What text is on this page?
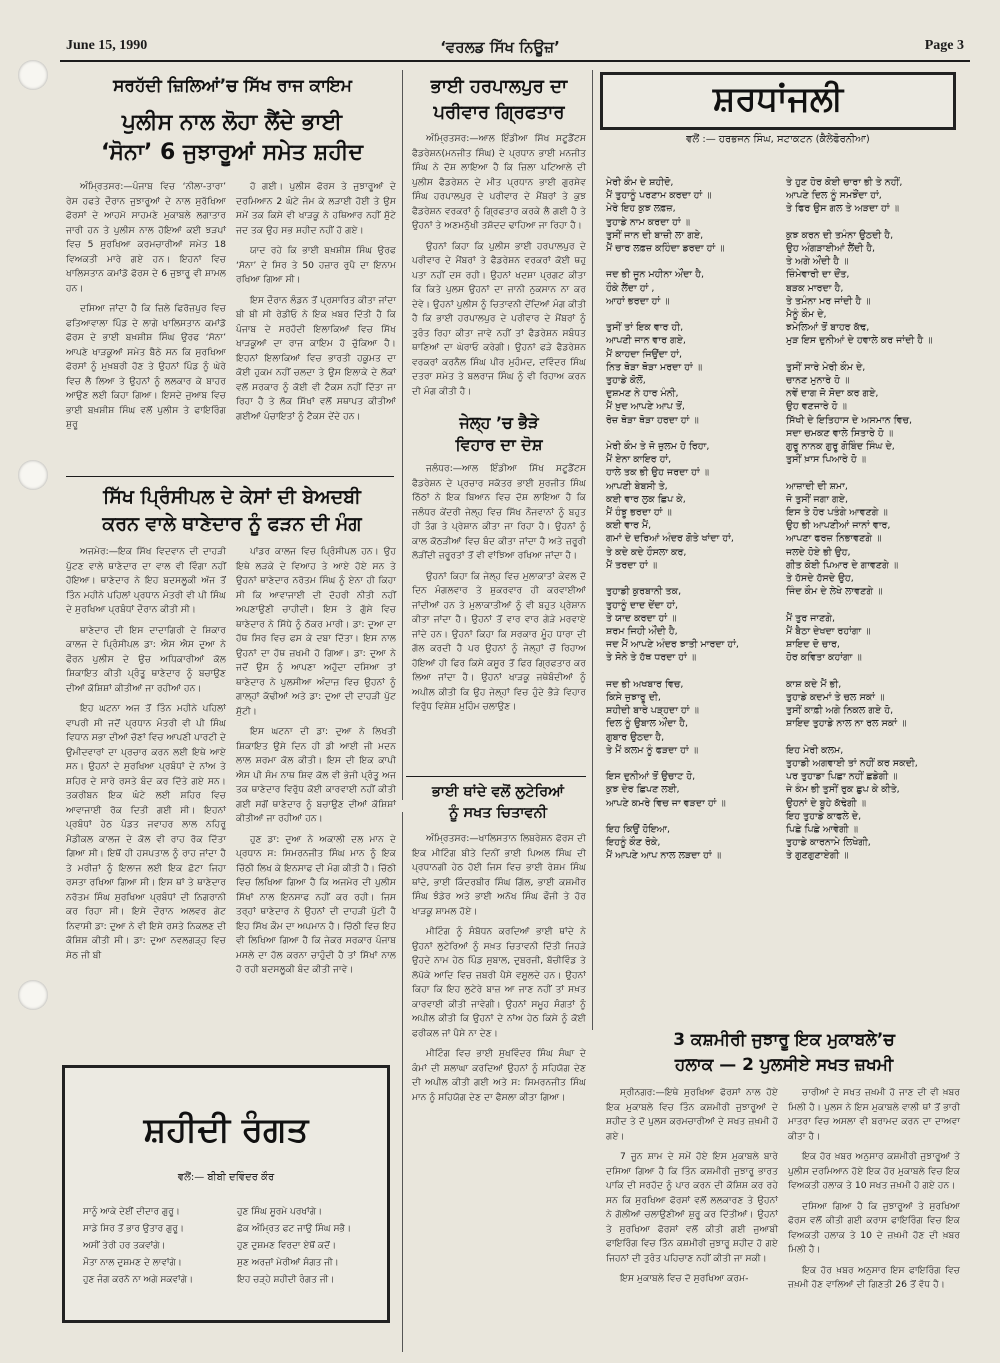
June 15, 1990	‘ਵਰਲਡ ਸਿੱਖ ਨਿਊਜ਼’	Page 3
ਸਰਹੱਦੀ ਜ਼ਿਲਿਆਂ’ਚ ਸਿੱਖ ਰਾਜ ਕਾਇਮ
ਪੁਲੀਸ ਨਾਲ ਲੋਹਾ ਲੈਂਦੇ ਭਾਈ
‘ਸੋਨਾ’ 6 ਜੁਝਾਰੂਆਂ ਸਮੇਤ ਸ਼ਹੀਦ

ਅੰਮ੍ਰਿਤਸਰ:—ਪੰਜਾਬ ਵਿਚ ‘ਨੀਲਾ-ਤਾਰਾ’ ਰੇਸ ਹਫਤੇ ਦੌਰਾਨ ਜੁਝਾਰੂਆਂ ਦੇ ਨਾਲ ਸੁਰੱਖਿਆ ਫੋਰਸਾਂ ਦੇ ਆਹਮੋ ਸਾਹਮਣੇ ਮੁਕਾਬਲੇ ਲਗਾਤਾਰ ਜਾਰੀ ਹਨ ਤੇ ਪੁਲੀਸ ਨਾਲ ਹੋਇਆਂ ਕਈ ਝੜਪਾਂ ਵਿਚ 5 ਸੁਰਖਿਆ ਕਰਮਚਾਰੀਆਂ ਸਮੇਤ 18 ਵਿਅਕਤੀ ਮਾਰੇ ਗਏ ਹਨ। ਇਹਨਾਂ ਵਿਚ ਖਾਲਿਸਤਾਨ ਕਮਾਂਡੋ ਫੋਰਸ ਦੇ 6 ਜੁਝਾਰੂ ਵੀ ਸ਼ਾਮਲ ਹਨ।

ਦਸਿਆ ਜਾਂਦਾ ਹੈ ਕਿ ਜ਼ਿਲੇ ਫਿਰੋਜ਼ਪੁਰ ਵਿਚ ਫਤਿਆਵਾਲਾ ਪਿੰਡ ਦੇ ਲਾਗੇ ਖਾਲਿਸਤਾਨ ਕਮਾਂਡੋ ਫੋਰਸ ਦੇ ਭਾਈ ਬਖ਼ਸ਼ੀਸ਼ ਸਿੰਘ ਉਰਫ ‘ਸੋਨਾ’ ਆਪਣੇ ਖਾੜਕੂਆਂ ਸਮੇਤ ਬੈਠੇ ਸਨ ਕਿ ਸੁਰਖਿਆ ਫੋਰਸਾਂ ਨੂੰ ਮੁਖ਼ਬਰੀ ਹੋਣ ਤੇ ਉਹਨਾਂ ਪਿੰਡ ਨੂੰ ਘੇਰੇ ਵਿਚ ਲੈ ਲਿਆ ਤੇ ਉਹਨਾਂ ਨੂੰ ਲਲਕਾਰ ਕੇ ਬਾਹਰ ਆਉਣ ਲਈ ਕਿਹਾ ਗਿਆ। ਇਸਦੇ ਜੁਆਬ ਵਿਚ ਭਾਈ ਬਖ਼ਸ਼ੀਸ਼ ਸਿੰਘ ਵਲੋਂ ਪੁਲੀਸ ਤੇ ਫਾਇਰਿੰਗ ਸ਼ੁਰੂ

ਹੋ ਗਈ। ਪੁਲੀਸ ਫੋਰਸ ਤੇ ਜੁਝਾਰੂਆਂ ਦੇ ਦਰਮਿਆਨ 2 ਘੰਟੇ ਜੰਮ ਕੇ ਲੜਾਈ ਹੋਈ ਤੇ ਉਸ ਸਮੇਂ ਤਕ ਕਿਸੇ ਵੀ ਖਾੜਕੂ ਨੇ ਹਥਿਆਰ ਨਹੀਂ ਸੁੱਟੇ ਜਦ ਤਕ ਉਹ ਸਭ ਸ਼ਹੀਦ ਨਹੀਂ ਹੋ ਗਏ।

ਯਾਦ ਰਹੇ ਕਿ ਭਾਈ ਬਖ਼ਸ਼ੀਸ਼ ਸਿੰਘ ਉਰਫ ‘ਸੋਨਾ’ ਦੇ ਸਿਰ ਤੇ 50 ਹਜ਼ਾਰ ਰੁਪੈ ਦਾ ਇਨਾਮ ਰਖਿਆ ਗਿਆ ਸੀ।

ਇਸ ਦੌਰਾਨ ਲੰਡਨ ਤੋਂ ਪ੍ਰਸਾਰਿਤ ਕੀਤਾ ਜਾਂਦਾ ਬੀ ਬੀ ਸੀ ਰੇਡੀਓ ਨੇ ਇਕ ਖ਼ਬਰ ਦਿੱਤੀ ਹੈ ਕਿ ਪੰਜਾਬ ਦੇ ਸਰਹੱਦੀ ਇਲਾਕਿਆਂ ਵਿਚ ਸਿੱਖ ਖਾੜਕੂਆਂ ਦਾ ਰਾਜ ਕਾਇਮ ਹੋ ਚੁੱਕਿਆ ਹੈ। ਇਹਨਾਂ ਇਲਾਕਿਆਂ ਵਿਚ ਭਾਰਤੀ ਹਕੂਮਤ ਦਾ ਕੋਈ ਹੁਕਮ ਨਹੀਂ ਚਲਦਾ ਤੇ ਉਸ ਇਲਾਕੇ ਦੇ ਲੋਕਾਂ ਵਲੋਂ ਸਰਕਾਰ ਨੂੰ ਕੋਈ ਵੀ ਟੈਕਸ ਨਹੀਂ ਦਿੱਤਾ ਜਾ ਰਿਹਾ ਹੈ ਤੇ ਲੋਕ ਸਿੱਖਾਂ ਵਲੋਂ ਸਥਾਪਤ ਕੀਤੀਆਂ ਗਈਆਂ ਪੰਚਾਇਤਾਂ ਨੂੰ ਟੈਕਸ ਦੇਂਦੇ ਹਨ।

ਸਿੱਖ ਪ੍ਰਿੰਸੀਪਲ ਦੇ ਕੇਸਾਂ ਦੀ ਬੇਅਦਬੀ
ਕਰਨ ਵਾਲੇ ਥਾਣੇਦਾਰ ਨੂੰ ਫੜਨ ਦੀ ਮੰਗ

ਅਜਮੇਰ:—ਇਕ ਸਿੱਖ ਵਿਦਵਾਨ ਦੀ ਦਾਹੜੀ ਪੁੱਟਣ ਵਾਲੇ ਥਾਣੇਦਾਰ ਦਾ ਵਾਲ ਵੀ ਵਿੰਗਾ ਨਹੀਂ ਹੋਇਆ। ਥਾਣੇਦਾਰ ਨੇ ਇਹ ਬਦਸਲੂਕੀ ਅੱਜ ਤੋਂ ਤਿੰਨ ਮਹੀਨੇ ਪਹਿਲਾਂ ਪ੍ਰਧਾਨ ਮੰਤਰੀ ਵੀ ਪੀ ਸਿੰਘ ਦੇ ਸੁਰਖਿਆ ਪ੍ਰਬੰਧਾਂ ਦੌਰਾਨ ਕੀਤੀ ਸੀ।

ਥਾਣੇਦਾਰ ਦੀ ਇਸ ਦਾਦਾਗਿਰੀ ਦੇ ਸ਼ਿਕਾਰ ਕਾਲਜ ਦੇ ਪ੍ਰਿੰਸੀਪਲ ਡਾ: ਐਸ ਐਸ ਦੁਆ ਨੇ ਫੌਰਨ ਪੁਲੀਸ ਦੇ ਉਚ ਅਧਿਕਾਰੀਆਂ ਕੋਲ ਸ਼ਿਕਾਇਤ ਕੀਤੀ ਪ੍ਰੰਤੂ ਥਾਣੇਦਾਰ ਨੂੰ ਬਚਾਉਣ ਦੀਆਂ ਕੋਸ਼ਿਸ਼ਾਂ ਕੀਤੀਆਂ ਜਾ ਰਹੀਆਂ ਹਨ।

ਇਹ ਘਟਨਾ ਅਜ ਤੋਂ ਤਿੰਨ ਮਹੀਨੇ ਪਹਿਲਾਂ ਵਾਪਰੀ ਸੀ ਜਦੋਂ ਪ੍ਰਧਾਨ ਮੰਤਰੀ ਵੀ ਪੀ ਸਿੰਘ ਵਿਧਾਨ ਸਭਾ ਦੀਆਂ ਚੋਣਾਂ ਵਿਚ ਆਪਣੀ ਪਾਰਟੀ ਦੇ ਉਮੀਦਵਾਰਾਂ ਦਾ ਪ੍ਰਚਾਰ ਕਰਨ ਲਈ ਇਥੇ ਆਏ ਸਨ। ਉਹਨਾਂ ਦੇ ਸੁਰਖਿਆ ਪ੍ਰਬੰਧਾਂ ਦੇ ਨਾਂਅ ਤੇ ਸ਼ਹਿਰ ਦੇ ਸਾਰੇ ਰਸਤੇ ਬੰਦ ਕਰ ਦਿੱਤੇ ਗਏ ਸਨ। ਤਕਰੀਬਨ ਇਕ ਘੰਟੇ ਲਈ ਸ਼ਹਿਰ ਵਿਚ ਆਵਾਜਾਈ ਰੋਕ ਦਿਤੀ ਗਈ ਸੀ। ਇਹਨਾਂ ਪ੍ਰਬੰਧਾਂ ਹੇਠ ਪੰਡਤ ਜਵਾਹਰ ਲਾਲ ਨਹਿਰੂ ਮੈਡੀਕਲ ਕਾਲਜ ਦੇ ਕੋਲ ਵੀ ਰਾਹ ਰੋਕ ਦਿੱਤਾ ਗਿਆ ਸੀ। ਇਥੋਂ ਹੀ ਹਸਪਤਾਲ ਨੂੰ ਰਾਹ ਜਾਂਦਾ ਹੈ ਤੇ ਮਰੀਜ਼ਾਂ ਨੂੰ ਇਲਾਜ ਲਈ ਇਕ ਛੋਟਾ ਜਿਹਾ ਰਸਤਾ ਰਖਿਆ ਗਿਆ ਸੀ। ਇਸ ਥਾਂ ਤੇ ਥਾਣੇਦਾਰ ਨਰੋਤਮ ਸਿੰਘ ਸੁਰਖਿਆ ਪ੍ਰਬੰਧਾਂ ਦੀ ਨਿਗਰਾਨੀ ਕਰ ਰਿਹਾ ਸੀ। ਇਸੇ ਦੌਰਾਨ ਅਲਵਰ ਗੇਟ ਨਿਵਾਸੀ ਡਾ: ਦੁਆ ਨੇ ਵੀ ਇਸੇ ਰਸਤੇ ਨਿਕਲਣ ਦੀ ਕੋਸ਼ਿਸ਼ ਕੀਤੀ ਸੀ। ਡਾ: ਦੁਆ ਨਵਲਗੜ੍ਹ ਵਿਚ ਸੇਠ ਜੀ ਬੀ

ਪਾਂਡਰ ਕਾਲਜ ਵਿਚ ਪ੍ਰਿੰਸੀਪਲ ਹਨ। ਉਹ ਇਥੇ ਲੜਕੇ ਦੇ ਵਿਆਹ ਤੇ ਆਏ ਹੋਏ ਸਨ ਤੇ ਉਹਨਾਂ ਥਾਣੇਦਾਰ ਨਰੋਤਮ ਸਿੰਘ ਨੂੰ ਏਨਾ ਹੀ ਕਿਹਾ ਸੀ ਕਿ ਆਵਾਜਾਈ ਦੀ ਦੋਹਰੀ ਨੀਤੀ ਨਹੀਂ ਅਪਣਾਉਣੀ ਚਾਹੀਦੀ। ਇਸ ਤੇ ਗੁੱਸੇ ਵਿਚ ਥਾਣੇਦਾਰ ਨੇ ਸਿੱਧੇ ਨੂੰ ਠੋਕਰ ਮਾਰੀ। ਡਾ: ਦੁਆ ਦਾ ਹੱਥ ਸਿਰ ਵਿਚ ਫਸ ਕੇ ਦਬਾ ਦਿੱਤਾ। ਇਸ ਨਾਲ ਉਹਨਾਂ ਦਾ ਹੱਥ ਜ਼ਖਮੀ ਹੋ ਗਿਆ। ਡਾ: ਦੁਆ ਨੇ ਜਦੋਂ ਉਸ ਨੂੰ ਆਪਣਾ ਅਹੁੱਦਾ ਦਸਿਆ ਤਾਂ ਥਾਣੇਦਾਰ ਨੇ ਪੁਲਸੀਆ ਅੰਦਾਜ਼ ਵਿਚ ਉਹਨਾਂ ਨੂੰ ਗਾਲ੍ਹਾਂ ਕੱਢੀਆਂ ਅਤੇ ਡਾ: ਦੁਆ ਦੀ ਦਾਹੜੀ ਪੁੱਟ ਸੁੱਟੀ।

ਇਸ ਘਟਨਾ ਦੀ ਡਾ: ਦੁਆ ਨੇ ਲਿਖਤੀ ਸ਼ਿਕਾਇਤ ਉਸੇ ਦਿਨ ਹੀ ਡੀ ਆਈ ਜੀ ਮਦਨ ਲਾਲ ਸ਼ਰਮਾ ਕੋਲ ਕੀਤੀ। ਇਸ ਦੀ ਇਕ ਕਾਪੀ ਐਸ ਪੀ ਸੰਮ ਨਾਥ ਸ਼ਿਵ ਕੋਲ ਵੀ ਭੇਜੀ ਪ੍ਰੰਤੂ ਅਜ ਤਕ ਥਾਣੇਦਾਰ ਵਿਰੁੱਧ ਕੋਈ ਕਾਰਵਾਈ ਨਹੀਂ ਕੀਤੀ ਗਈ ਸਗੋਂ ਥਾਣੇਦਾਰ ਨੂੰ ਬਚਾਉਣ ਦੀਆਂ ਕੋਸ਼ਿਸ਼ਾਂ ਕੀਤੀਆਂ ਜਾ ਰਹੀਆਂ ਹਨ।

ਹੁਣ ਡਾ: ਦੁਆ ਨੇ ਅਕਾਲੀ ਦਲ ਮਾਨ ਦੇ ਪ੍ਰਧਾਨ ਸ: ਸਿਮਰਨਜੀਤ ਸਿੰਘ ਮਾਨ ਨੂੰ ਇਕ ਚਿੱਠੀ ਲਿਖ ਕੇ ਇਨਸਾਫ ਦੀ ਮੰਗ ਕੀਤੀ ਹੈ। ਚਿੱਠੀ ਵਿਚ ਲਿਖਿਆ ਗਿਆ ਹੈ ਕਿ ਅਜਮੇਰ ਦੀ ਪੁਲੀਸ ਸਿੱਖਾਂ ਨਾਲ ਇਨਸਾਫ ਨਹੀਂ ਕਰ ਰਹੀ। ਜਿਸ ਤਰ੍ਹਾਂ ਥਾਣੇਦਾਰ ਨੇ ਉਹਨਾਂ ਦੀ ਦਾਹੜੀ ਪੁੱਟੀ ਹੈ ਇਹ ਸਿੱਖ ਕੌਮ ਦਾ ਅਪਮਾਨ ਹੈ। ਚਿੱਠੀ ਵਿਚ ਇਹ ਵੀ ਲਿਖਿਆ ਗਿਆ ਹੈ ਕਿ ਜੇਕਰ ਸਰਕਾਰ ਪੰਜਾਬ ਮਸਲੇ ਦਾ ਹੱਲ ਕਰਨਾ ਚਾਹੁੰਦੀ ਹੈ ਤਾਂ ਸਿੱਖਾਂ ਨਾਲ ਹੋ ਰਹੀ ਬਦਸਲੂਕੀ ਬੰਦ ਕੀਤੀ ਜਾਵੇ।

ਭਾਈ ਹਰਪਾਲਪੁਰ ਦਾ
ਪਰੀਵਾਰ ਗ੍ਰਿਫਤਾਰ

ਅੰਮ੍ਰਿਤਸਰ:—ਆਲ ਇੰਡੀਆ ਸਿੱਖ ਸਟੂਡੈਂਟਸ ਫੈਡਰੇਸ਼ਨ(ਮਨਜੀਤ ਸਿੰਘ) ਦੇ ਪ੍ਰਧਾਨ ਭਾਈ ਮਨਜੀਤ ਸਿੰਘ ਨੇ ਦੋਸ਼ ਲਾਇਆ ਹੈ ਕਿ ਜ਼ਿਲਾ ਪਟਿਆਲੇ ਦੀ ਪੁਲੀਸ ਫੈਡਰੇਸ਼ਨ ਦੇ ਮੀਤ ਪ੍ਰਧਾਨ ਭਾਈ ਗੁਰਸੇਵ ਸਿੰਘ ਹਰਪਾਲਪੁਰ ਦੇ ਪਰੀਵਾਰ ਦੇ ਮੈਂਬਰਾਂ ਤੇ ਕੁਝ ਫੈਡਰੇਸ਼ਨ ਵਰਕਰਾਂ ਨੂੰ ਗ੍ਰਿਫਤਾਰ ਕਰਕੇ ਲੈ ਗਈ ਹੈ ਤੇ ਉਹਨਾਂ ਤੇ ਅਣਮਨੁੱਖੀ ਤਸ਼ੱਦਦ ਢਾਹਿਆ ਜਾ ਰਿਹਾ ਹੈ।

ਉਹਨਾਂ ਕਿਹਾ ਕਿ ਪੁਲੀਸ ਭਾਈ ਹਰਪਾਲਪੁਰ ਦੇ ਪਰੀਵਾਰ ਦੇ ਮੈਂਬਰਾਂ ਤੇ ਫੈਡਰੇਸ਼ਨ ਵਰਕਰਾਂ ਕੋਈ ਥਹੁ ਪਤਾ ਨਹੀਂ ਦਸ ਰਹੀ। ਉਹਨਾਂ ਖਦਸ਼ਾ ਪ੍ਰਗਟ ਕੀਤਾ ਕਿ ਕਿਤੇ ਪੁਲਸ ਉਹਨਾਂ ਦਾ ਜਾਨੀ ਨੁਕਸਾਨ ਨਾ ਕਰ ਦੇਵੇ। ਉਹਨਾਂ ਪੁਲੀਸ ਨੂੰ ਚਿਤਾਵਨੀ ਦੇਂਦਿਆਂ ਮੰਗ ਕੀਤੀ ਹੈ ਕਿ ਭਾਈ ਹਰਪਾਲਪੁਰ ਦੇ ਪਰੀਵਾਰ ਦੇ ਮੈਂਬਰਾਂ ਨੂੰ ਤੁਰੰਤ ਰਿਹਾ ਕੀਤਾ ਜਾਵੇ ਨਹੀਂ ਤਾਂ ਫੈਡਰੇਸ਼ਨ ਸਬੰਧਤ ਥਾਣਿਆਂ ਦਾ ਘੇਰਾਓ ਕਰੇਗੀ। ਉਹਨਾਂ ਫੜੇ ਫੈਡਰੇਸ਼ਨ ਵਰਕਰਾਂ ਕਰਨੈਲ ਸਿੰਘ ਪੀਰ ਮੁਹੰਮਦ, ਦਵਿੰਦਰ ਸਿੰਘ ਦਤਰਾ ਸਮੇਤ ਤੇ ਬਲਰਾਜ ਸਿੰਘ ਨੂੰ ਵੀ ਰਿਹਾਅ ਕਰਨ ਦੀ ਮੰਗ ਕੀਤੀ ਹੈ।

ਜੇਲ੍ਹ ’ਚ ਭੈੜੇ
ਵਿਹਾਰ ਦਾ ਦੋਸ਼

ਜਲੰਧਰ:—ਆਲ ਇੰਡੀਆ ਸਿੱਖ ਸਟੂਡੈਂਟਸ ਫੈਡਰੇਸ਼ਨ ਦੇ ਪ੍ਰਚਾਰ ਸਕੱਤਰ ਭਾਈ ਸੁਰਜੀਤ ਸਿੰਘ ਠਿੱਠਾਂ ਨੇ ਇਕ ਬਿਆਨ ਵਿਚ ਦੋਸ਼ ਲਾਇਆ ਹੈ ਕਿ ਜਲੰਧਰ ਕੇਂਦਰੀ ਜੇਲ੍ਹ ਵਿਚ ਸਿੱਖ ਨੌਜਵਾਨਾਂ ਨੂੰ ਬਹੁਤ ਹੀ ਤੰਗ ਤੇ ਪ੍ਰੇਸ਼ਾਨ ਕੀਤਾ ਜਾ ਰਿਹਾ ਹੈ। ਉਹਨਾਂ ਨੂੰ ਕਾਲ ਕੋਠੜੀਆਂ ਵਿਚ ਬੰਦ ਕੀਤਾ ਜਾਂਦਾ ਹੈ ਅਤੇ ਜ਼ਰੂਰੀ ਲੋੜੀਂਦੀ ਜ਼ਰੂਰਤਾਂ ਤੋਂ ਵੀ ਵਾਂਝਿਆ ਰਖਿਆ ਜਾਂਦਾ ਹੈ।

ਉਹਨਾਂ ਕਿਹਾ ਕਿ ਜੇਲ੍ਹ ਵਿਚ ਮੁਲਾਕਾਤਾਂ ਕੇਵਲ ਦੋ ਦਿਨ ਮੰਗਲਵਾਰ ਤੇ ਸ਼ੁਕਰਵਾਰ ਹੀ ਕਰਵਾਈਆਂ ਜਾਂਦੀਆਂ ਹਨ ਤੇ ਮੁਲਾਕਾਤੀਆਂ ਨੂੰ ਵੀ ਬਹੁਤ ਪ੍ਰੇਸ਼ਾਨ ਕੀਤਾ ਜਾਂਦਾ ਹੈ। ਉਹਨਾਂ ਤੋਂ ਵਾਰ ਵਾਰ ਗੇੜੇ ਮਰਵਾਏ ਜਾਂਦੇ ਹਨ। ਉਹਨਾਂ ਕਿਹਾ ਕਿ ਸਰਕਾਰ ਮੂੰਹ ਧਾਰਾ ਦੀ ਗੱਲ ਕਰਦੀ ਹੈ ਪਰ ਉਹਨਾਂ ਨੂੰ ਜੇਲ੍ਹਾਂ ਚੋਂ ਰਿਹਾਅ ਹੋਇਆਂ ਹੀ ਫਿਰ ਕਿਸੇ ਕਸੂਰ ਤੋਂ ਫਿਰ ਗ੍ਰਿਫਤਾਰ ਕਰ ਲਿਆ ਜਾਂਦਾ ਹੈ। ਉਹਨਾਂ ਖਾੜਕੂ ਜਥੇਬੰਦੀਆਂ ਨੂੰ ਅਪੀਲ ਕੀਤੀ ਕਿ ਉਹ ਜੇਲ੍ਹਾਂ ਵਿਚ ਹੁੰਦੇ ਭੈੜੇ ਵਿਹਾਰ ਵਿਰੁੱਧ ਵਿਸ਼ੇਸ਼ ਮੁਹਿੰਮ ਚਲਾਉਣ।

ਭਾਈ ਥਾਂਦੇ ਵਲੋਂ ਲੁਟੇਰਿਆਂ
ਨੂੰ ਸਖਤ ਚਿਤਾਵਨੀ

ਅੰਮ੍ਰਿਤਸਰ:—ਖਾਲਿਸਤਾਨ ਲਿਬਰੇਸ਼ਨ ਫੋਰਸ ਦੀ ਇਕ ਮੀਟਿੰਗ ਬੀਤੇ ਦਿਨੀਂ ਭਾਈ ਪਿਅਲ ਸਿੰਘ ਦੀ ਪ੍ਰਧਾਨਗੀ ਹੇਠ ਹੋਈ ਜਿਸ ਵਿਚ ਭਾਈ ਰੇਸ਼ਮ ਸਿੰਘ ਥਾਂਦੇ, ਭਾਈ ਕਿੰਦਰਬੀਰ ਸਿੰਘ ਗਿੱਲ, ਭਾਈ ਕਸ਼ਮੀਰ ਸਿੰਘ ਝੰਡੇਰ ਅਤੇ ਭਾਈ ਅਨੋਖ ਸਿੰਘ ਫੌਜੀ ਤੇ ਹੋਰ ਖਾੜਕੂ ਸ਼ਾਮਲ ਹੋਏ।

ਮੀਟਿੰਗ ਨੂੰ ਸੰਬੋਧਨ ਕਰਦਿਆਂ ਭਾਈ ਥਾਂਦੇ ਨੇ ਉਹਨਾਂ ਲੁਟੇਰਿਆਂ ਨੂੰ ਸਖ਼ਤ ਚਿਤਾਵਨੀ ਦਿੱਤੀ ਜਿਹੜੇ ਉਹਦੇ ਨਾਮ ਹੇਠ ਪਿੰਡ ਸੁਬਾਲ, ਦੁਬਰਜੀ, ਬੱਚੀਵਿੰਡ ਤੇ ਲੋਪੋਕੇ ਆਦਿ ਵਿਚ ਜ਼ਬਰੀ ਪੈਸੇ ਵਸੂਲਦੇ ਹਨ। ਉਹਨਾਂ ਕਿਹਾ ਕਿ ਇਹ ਲੁਟੇਰੇ ਬਾਜ਼ ਆ ਜਾਣ ਨਹੀਂ ਤਾਂ ਸਖ਼ਤ ਕਾਰਵਾਈ ਕੀਤੀ ਜਾਵੇਗੀ। ਉਹਨਾਂ ਸਮੂਹ ਸੰਗਤਾਂ ਨੂੰ ਅਪੀਲ ਕੀਤੀ ਕਿ ਉਹਨਾਂ ਦੇ ਨਾਂਅ ਹੇਠ ਕਿਸੇ ਨੂੰ ਕੋਈ ਫਰੀਕਲ ਜਾਂ ਪੈਸੇ ਨਾ ਦੇਣ।

ਮੀਟਿੰਗ ਵਿਚ ਭਾਈ ਸੁਖਵਿੰਦਰ ਸਿੰਘ ਸੰਘਾ ਦੇ ਕੰਮਾਂ ਦੀ ਸ਼ਲਾਘਾ ਕਰਦਿਆਂ ਉਹਨਾਂ ਨੂੰ ਸਹਿਯੋਗ ਦੇਣ ਦੀ ਅਪੀਲ ਕੀਤੀ ਗਈ ਅਤੇ ਸ: ਸਿਮਰਨਜੀਤ ਸਿੰਘ ਮਾਨ ਨੂੰ ਸਹਿਯੋਗ ਦੇਣ ਦਾ ਫੈਸਲਾ ਕੀਤਾ ਗਿਆ।

ਸ਼ਰਧਾਂਜਲੀ
ਵਲੋਂ :— ਹਰਭਜਨ ਸਿੰਘ, ਸਟਾਕਟਨ (ਕੈਲੇਫੋਰਨੀਆ)
ਮੇਰੀ ਕੌਮ ਦੇ ਸ਼ਹੀਦੋ,
ਮੈਂ ਤੁਹਾਨੂੰ ਪਰਣਾਮ ਕਰਦਾ ਹਾਂ ॥
ਮੇਰੇ ਇਹ ਕੁਝ ਲਫ਼ਜ਼,
ਤੁਹਾਡੇ ਨਾਮ ਕਰਦਾ ਹਾਂ ॥
ਤੁਸੀਂ ਜਾਨ ਦੀ ਬਾਜ਼ੀ ਲਾ ਗਏ,
ਮੈਂ ਚਾਰ ਲਫ਼ਜ਼ ਕਹਿੰਦਾ ਡਰਦਾ ਹਾਂ ॥

ਜਦ ਭੀ ਜੂਨ ਮਹੀਨਾ ਔਂਦਾ ਹੈ,
ਹੌਕੇ ਲੈਂਦਾ ਹਾਂ ,
ਆਹਾਂ ਭਰਦਾ ਹਾਂ ॥

ਤੁਸੀਂ ਤਾਂ ਇਕ ਵਾਰ ਹੀ,
ਆਪਣੀ ਜਾਨ ਵਾਰ ਗਏ,
ਮੈਂ ਕਾਹਦਾ ਜਿਉਂਦਾ ਹਾਂ,
ਨਿਤ ਥੋੜਾ ਥੋੜਾ ਮਰਦਾ ਹਾਂ ॥
ਤੁਹਾਡੇ ਕੋਲੋਂ,
ਦੁਸ਼ਮਣ ਨੇ ਹਾਰ ਮੰਨੀ,
ਮੈਂ ਖ਼ੁਦ ਆਪਣੇ ਆਪ ਤੋਂ,
ਰੋਜ਼ ਥੋੜਾ ਥੋੜਾ ਹਰਦਾ ਹਾਂ ॥

ਮੇਰੀ ਕੌਮ ਤੇ ਜੋ ਜ਼ੁਲਮ ਹੋ ਰਿਹਾ,
ਮੈਂ ਏਨਾ ਕਾਇਰ ਹਾਂ,
ਹਾਲੇ ਤਕ ਭੀ ਉਹ ਜਰਦਾ ਹਾਂ ॥
ਆਪਣੀ ਬੇਬਸੀ ਤੇ,
ਕਈ ਵਾਰ ਲੁਕ ਛਿਪ ਕੇ,
ਮੈਂ ਹੰਝੂ ਭਰਦਾ ਹਾਂ ॥
ਕਈ ਵਾਰ ਮੈਂ,
ਗਮਾਂ ਦੇ ਦਰਿਆਂ ਅੰਦਰ ਗੋਤੇ ਖਾਂਦਾ ਹਾਂ,
ਤੇ ਕਦੇ ਕਦੇ ਹੌਸਲਾ ਕਰ,
ਮੈਂ ਤਰਦਾ ਹਾਂ ॥

ਤੁਹਾਡੀ ਕੁਰਬਾਨੀ ਤਕ,
ਤੁਹਾਨੂੰ ਦਾਦ ਦੇਂਦਾ ਹਾਂ,
ਤੇ ਯਾਦ ਕਰਦਾ ਹਾਂ ॥
ਸ਼ਰਮ ਜਿਹੀ ਔਂਦੀ ਹੈ,
ਜਦ ਮੈਂ ਆਪਣੇ ਅੰਦਰ ਝਾਤੀ ਮਾਰਦਾ ਹਾਂ,
ਤੇ ਸੋਨੇ ਤੇ ਹੱਥ ਧਰਦਾ ਹਾਂ ॥

ਜਦ ਭੀ ਅਖਬਾਰ ਵਿਚ,
ਕਿਸੇ ਜੁਝਾਰੂ ਦੀ,
ਸ਼ਹੀਦੀ ਬਾਰੇ ਪੜ੍ਹਦਾ ਹਾਂ ॥
ਦਿਲ ਨੂੰ ਉਬਾਲ ਔਂਦਾ ਹੈ,
ਗੁਬਾਰ ਉਠਦਾ ਹੈ,
ਤੇ ਮੈਂ ਕਲਮ ਨੂੰ ਫੜਦਾ ਹਾਂ ॥

ਇਸ ਦੁਨੀਆਂ ਤੋਂ ਉਚਾਟ ਹੋ,
ਕੁਝ ਦੇਰ ਛਿਪਣ ਲਈ,
ਆਪਣੇ ਕਮਰੇ ਵਿਚ ਜਾ ਵੜਦਾ ਹਾਂ ॥

ਇਹ ਕਿਉਂ ਹੋਇਆ,
ਇਹਨੂੰ ਕੌਣ ਰੋਕੇ,
ਮੈਂ ਆਪਣੇ ਆਪ ਨਾਲ ਲੜਦਾ ਹਾਂ ॥
ਤੇ ਹੁਣ ਹੋਰ ਕੋਈ ਚਾਰਾ ਭੀ ਤੇ ਨਹੀਂ,
ਆਪਣੇ ਦਿਲ ਨੂੰ ਸਮਝੌਂਦਾ ਹਾਂ,
ਤੇ ਫਿਰ ਉਸ ਗਲ ਤੇ ਅੜਦਾ ਹਾਂ ॥

ਕੁਝ ਕਰਨ ਦੀ ਤਮੰਨਾ ਉਠਦੀ ਹੈ,
ਉਹ ਅੰਗੜਾਈਆਂ ਲੈਂਦੀ ਹੈ,
ਤੇ ਅਗੇ ਔਂਦੀ ਹੈ ॥
ਜ਼ਿੰਮੇਵਾਰੀ ਦਾ ਦੌਂਤ,
ਬੜਕ ਮਾਰਦਾ ਹੈ,
ਤੇ ਤਮੰਨਾ ਮਰ ਜਾਂਦੀ ਹੈ ॥
ਮੈਨੂੰ ਕੌਮ ਦੇ,
ਝਮੇਲਿਆਂ ਤੋਂ ਬਾਹਰ ਕੱਢ,
ਮੁੜ ਇਸ ਦੁਨੀਆਂ ਦੇ ਹਵਾਲੇ ਕਰ ਜਾਂਦੀ ਹੈ ॥

ਤੁਸੀਂ ਸਾਰੇ ਮੇਰੀ ਕੌਮ ਦੇ,
ਚਾਨਣ ਮੁਨਾਰੇ ਹੋ ॥
ਨਵੇਂ ਦਾਗ ਜੋ ਸੋਦਾ ਕਰ ਗਏ,
ਉਹ ਵਣਜਾਰੇ ਹੋ ॥
ਸਿੱਖੀ ਦੇ ਇਤਿਹਾਸ ਦੇ ਅਸਮਾਨ ਵਿਚ,
ਸਦਾ ਚਮਕਣ ਵਾਲੇ ਸਿਤਾਰੇ ਹੋ ॥
ਗੁਰੂ ਨਾਨਕ ਗੁਰੂ ਗੋਬਿੰਦ ਸਿੰਘ ਦੇ,
ਤੁਸੀਂ ਖ਼ਾਸ ਪਿਆਰੇ ਹੋ ॥

ਆਜ਼ਾਦੀ ਦੀ ਸ਼ਮਾ,
ਜੋ ਤੁਸੀਂ ਜਗਾ ਗਏ,
ਇਸ ਤੇ ਹੋਰ ਪਤੰਗੇ ਆਵਣਗੇ ॥
ਉਹ ਭੀ ਆਪਣੀਆਂ ਜਾਨਾਂ ਵਾਰ,
ਆਪਣਾ ਫਰਜ਼ ਨਿਭਾਵਣਗੇ ॥
ਜਲਦੇ ਹੋਏ ਭੀ ਉਹ,
ਗੀਤ ਕੋਈ ਪਿਆਰ ਦੇ ਗਾਵਣਗੇ ॥
ਤੇ ਹੱਸਦੇ ਹੱਸਦੇ ਉਹ,
ਜਿੰਦ ਕੌਮ ਦੇ ਲੇਖੇ ਲਾਵਣਗੇ ॥

ਮੈਂ ਤੁਰ ਜਾਣਗੇ,
ਮੈਂ ਬੈਠਾ ਦੇਖਦਾ ਰਹਾਂਗਾ ॥
ਸ਼ਾਇਦ ਦੋ ਚਾਰ,
ਹੋਰ ਕਵਿਤਾ ਕਹਾਂਗਾ ॥

ਕਾਸ਼ ਕਦੇ ਮੈਂ ਭੀ,
ਤੁਹਾਡੇ ਕਦਮਾਂ ਤੇ ਚਲ ਸਕਾਂ ॥
ਤੁਸੀਂ ਕਾਫ਼ੀ ਅਗੇ ਨਿਕਲ ਗਏ ਹੋ,
ਸ਼ਾਇਦ ਤੁਹਾਡੇ ਨਾਲ ਨਾ ਰਲ ਸਕਾਂ ॥

ਇਹ ਮੇਰੀ ਕਲਮ,
ਤੁਹਾਡੀ ਅਗਵਾਈ ਤਾਂ ਨਹੀਂ ਕਰ ਸਕਦੀ,
ਪਰ ਤੁਹਾਡਾ ਪਿਛਾ ਨਹੀਂ ਛਡੇਗੀ ॥
ਜੇ ਕੰਮ ਭੀ ਤੁਸੀਂ ਰੁਕ ਛੁਪ ਕੇ ਕੀਤੇ,
ਉਹਨਾਂ ਦੇ ਬੂਹੇ ਕੱਢੇਗੀ ॥
ਇਹ ਤੁਹਾਡੇ ਕਾਫਲੇ ਦੇ,
ਪਿਛੇ ਪਿਛੇ ਆਵੇਗੀ ॥
ਤੁਹਾਡੇ ਕਾਰਨਾਮੇ ਲਿਖੇਗੀ,
ਤੇ ਗੁਣਗੁਣਾਏਗੀ ॥
3 ਕਸ਼ਮੀਰੀ ਜੁਝਾਰੂ ਇਕ ਮੁਕਾਬਲੇ’ਚ
ਹਲਾਕ — 2 ਪੁਲਸੀਏ ਸਖਤ ਜ਼ਖਮੀ

ਸ੍ਰੀਨਗਰ:—ਇਥੇ ਸੁਰਖਿਆ ਫੋਰਸਾਂ ਨਾਲ ਹੋਏ ਇਕ ਮੁਕਾਬਲੇ ਵਿਚ ਤਿੰਨ ਕਸ਼ਮੀਰੀ ਜੁਝਾਰੂਆਂ ਦੇ ਸ਼ਹੀਦ ਤੇ ਦੋ ਪੁਲਸ ਕਰਮਚਾਰੀਆਂ ਦੇ ਸਖਤ ਜ਼ਖ਼ਮੀ ਹੋ ਗਏ।

7 ਜੂਨ ਸ਼ਾਮ ਦੇ ਸਮੇਂ ਹੋਏ ਇਸ ਮੁਕਾਬਲੇ ਬਾਰੇ ਦਸਿਆ ਗਿਆ ਹੈ ਕਿ ਤਿੰਨ ਕਸ਼ਮੀਰੀ ਜੁਝਾਰੂ ਭਾਰਤ ਪਾਕਿ ਦੀ ਸਰਹੱਦ ਨੂੰ ਪਾਰ ਕਰਨ ਦੀ ਕੋਸ਼ਿਸ਼ ਕਰ ਰਹੇ ਸਨ ਕਿ ਸੁਰਖਿਆ ਫੋਰਸਾਂ ਵਲੋਂ ਲਲਕਾਰਣ ਤੇ ਉਹਨਾਂ ਨੇ ਗੋਲੀਆਂ ਚਲਾਉਣੀਆਂ ਸ਼ੁਰੂ ਕਰ ਦਿੱਤੀਆਂ। ਉਹਨਾਂ ਤੇ ਸੁਰਖਿਆ ਫੋਰਸਾਂ ਵਲੋਂ ਕੀਤੀ ਗਈ ਜੁਆਬੀ ਫਾਇਰਿੰਗ ਵਿਚ ਤਿੰਨ ਕਸ਼ਮੀਰੀ ਜੁਝਾਰੂ ਸ਼ਹੀਦ ਹੋ ਗਏ ਜਿਹਨਾਂ ਦੀ ਤੁਰੰਤ ਪਹਿਚਾਣ ਨਹੀਂ ਕੀਤੀ ਜਾ ਸਕੀ।

ਇਸ ਮੁਕਾਬਲੇ ਵਿਚ ਦੋ ਸੁਰਖਿਆ ਕਰਮ-

ਚਾਰੀਆਂ ਦੇ ਸਖਤ ਜ਼ਖ਼ਮੀ ਹੋ ਜਾਣ ਦੀ ਵੀ ਖ਼ਬਰ ਮਿਲੀ ਹੈ। ਪੁਲਸ ਨੇ ਇਸ ਮੁਕਾਬਲੇ ਵਾਲੀ ਥਾਂ ਤੋਂ ਭਾਰੀ ਮਾਤਰਾ ਵਿਚ ਅਸਲਾ ਵੀ ਬਰਾਮਦ ਕਰਨ ਦਾ ਦਾਅਵਾ ਕੀਤਾ ਹੈ।

ਇਕ ਹੋਰ ਖ਼ਬਰ ਅਨੁਸਾਰ ਕਸ਼ਮੀਰੀ ਜੁਝਾਰੂਆਂ ਤੇ ਪੁਲੀਸ ਦਰਮਿਆਨ ਹੋਏ ਇਕ ਹੋਰ ਮੁਕਾਬਲੇ ਵਿਚ ਇਕ ਵਿਅਕਤੀ ਹਲਾਕ ਤੇ 10 ਸਖਤ ਜ਼ਖ਼ਮੀ ਹੋ ਗਏ ਹਨ।

ਦਸਿਆ ਗਿਆ ਹੈ ਕਿ ਜੁਝਾਰੂਆਂ ਤੇ ਸੁਰਖਿਆ ਫੋਰਸ ਵਲੋਂ ਕੀਤੀ ਗਈ ਕਰਾਸ ਫਾਇਰਿੰਗ ਵਿਚ ਇਕ ਵਿਅਕਤੀ ਹਲਾਕ ਤੇ 10 ਦੇ ਜ਼ਖ਼ਮੀ ਹੋਣ ਦੀ ਖ਼ਬਰ ਮਿਲੀ ਹੈ।

ਇਕ ਹੋਰ ਖ਼ਬਰ ਅਨੁਸਾਰ ਇਸ ਫਾਇਰਿੰਗ ਵਿਚ ਜ਼ਖ਼ਮੀ ਹੋਣ ਵਾਲਿਆਂ ਦੀ ਗਿਣਤੀ 26 ਤੋਂ ਵੱਧ ਹੈ।

ਸ਼ਹੀਦੀ ਰੰਗਤ
ਵਲੋਂ:— ਬੀਬੀ ਦਵਿੰਦਰ ਕੌਰ
ਸਾਨੂੰ ਆਕੇ ਦੇਈਂ ਦੀਦਾਰ ਗੁਰੂ।
ਸਾਡੇ ਸਿਰ ਤੋਂ ਭਾਰ ਉਤਾਰ ਗੁਰੂ।
ਅਸੀਂ ਤੇਰੀ ਹਰ ਤਕਵਾਂਗੇ।
ਮੌਤਾ ਨਾਲ ਦੁਸ਼ਮਣ ਦੇ ਲਾਵਾਂਗੇ।
ਹੁਣ ਜੰਗ ਕਰਨੋ ਨਾ ਅਗੇ ਸਕਵਾਂਗੇ।
ਹੁਣ ਸਿੰਘ ਸੂਰਮੇ ਪਰਖਾਂਗੇ।
ਛੱਕ ਅੰਮ੍ਰਿਤ ਫਟ ਜਾਉ ਸਿੰਘ ਸਭੈ।
ਹੁਣ ਦੁਸ਼ਮਣ ਵਿਰਦਾ ਏਥੋਂ ਕਦੋਂ।
ਸੁਣ ਅਰਜ਼ਾਂ ਮੇਰੀਆਂ ਸੰਗਤ ਜੀ।
ਇਹ ਚੜ੍ਹੇ ਸ਼ਹੀਦੀ ਰੰਗਤ ਜੀ।
